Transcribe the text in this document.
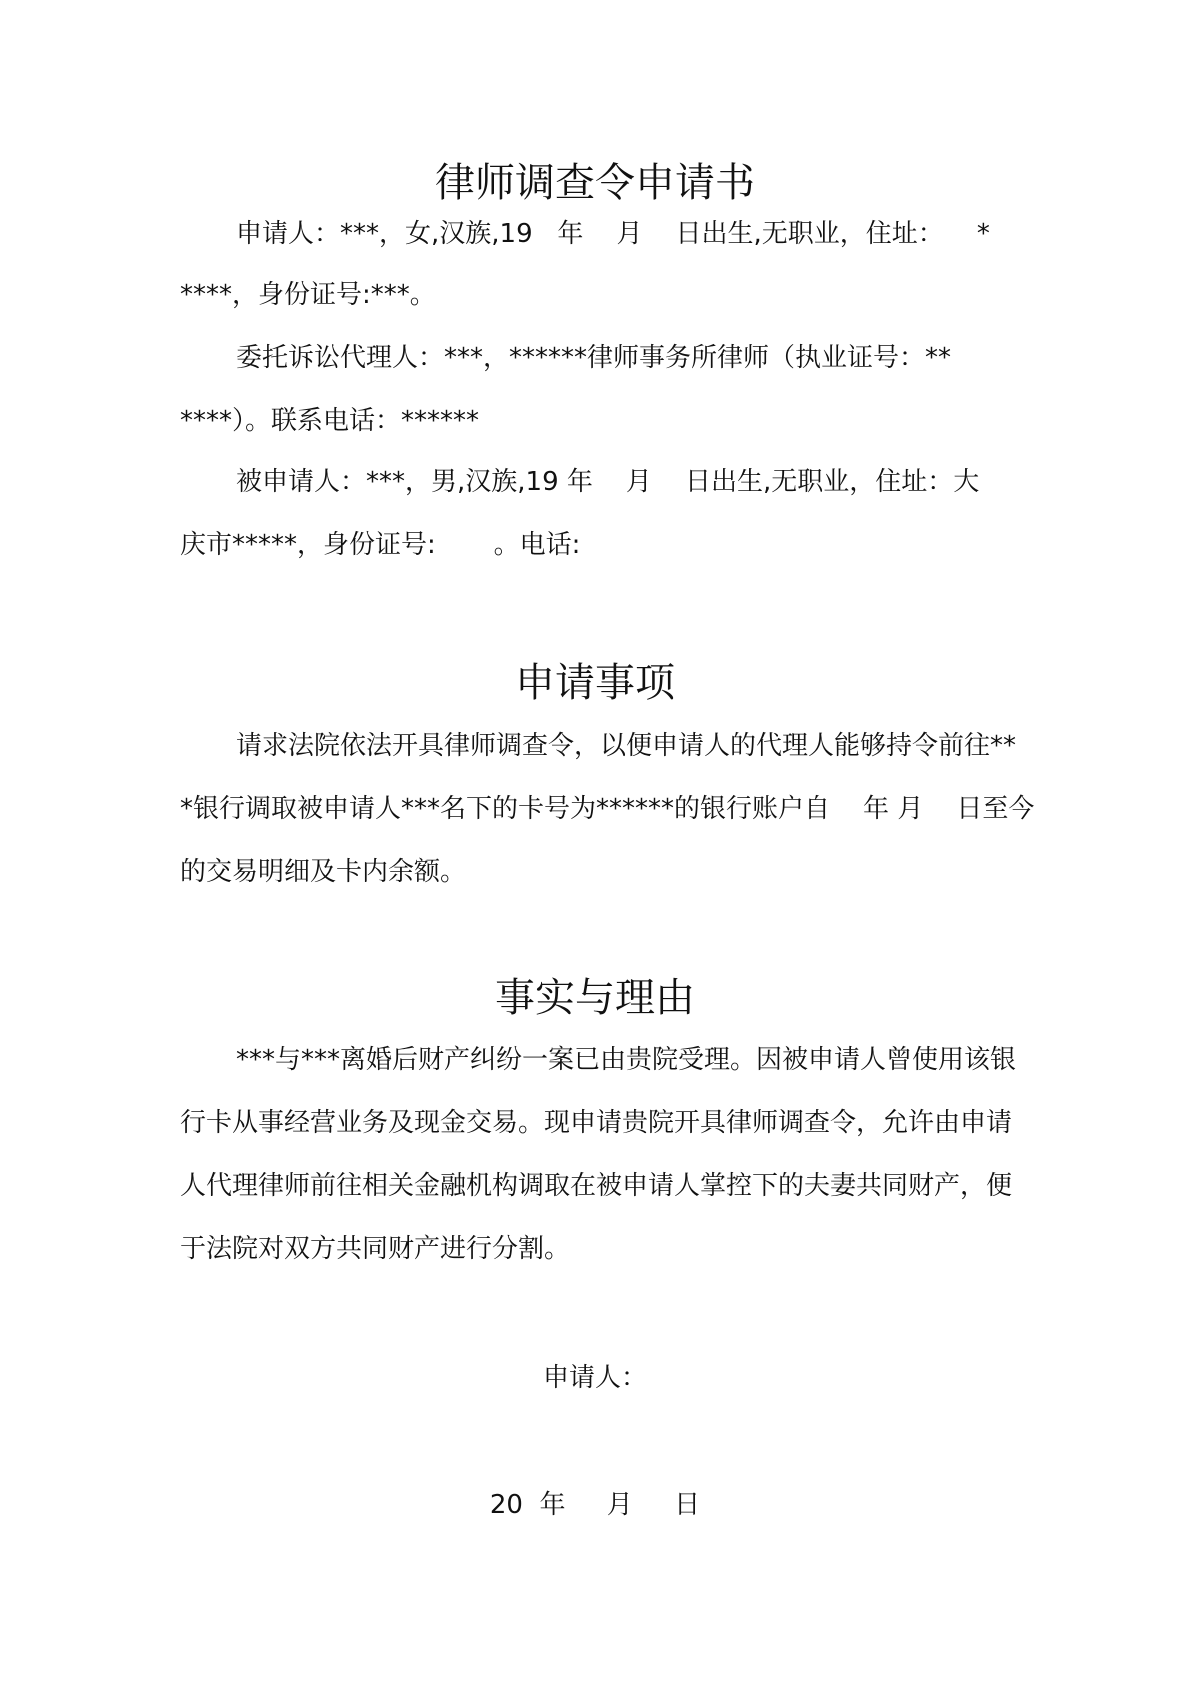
律师调查令申请书

申请人：***，女,汉族,19   年    月    日出生,无职业，住址：    *

****，身份证号:***。

委托诉讼代理人：***，******律师事务所律师（执业证号：**

****）。联系电话：******

被申请人：***，男,汉族,19 年    月    日出生,无职业，住址：大

庆市*****，身份证号:       。电话:

申请事项

请求法院依法开具律师调查令，以便申请人的代理人能够持令前往**

*银行调取被申请人***名下的卡号为******的银行账户自    年 月    日至今

的交易明细及卡内余额。

事实与理由

***与***离婚后财产纠纷一案已由贵院受理。因被申请人曾使用该银

行卡从事经营业务及现金交易。现申请贵院开具律师调查令，允许由申请

人代理律师前往相关金融机构调取在被申请人掌控下的夫妻共同财产，便

于法院对双方共同财产进行分割。

申请人：

20  年     月     日
